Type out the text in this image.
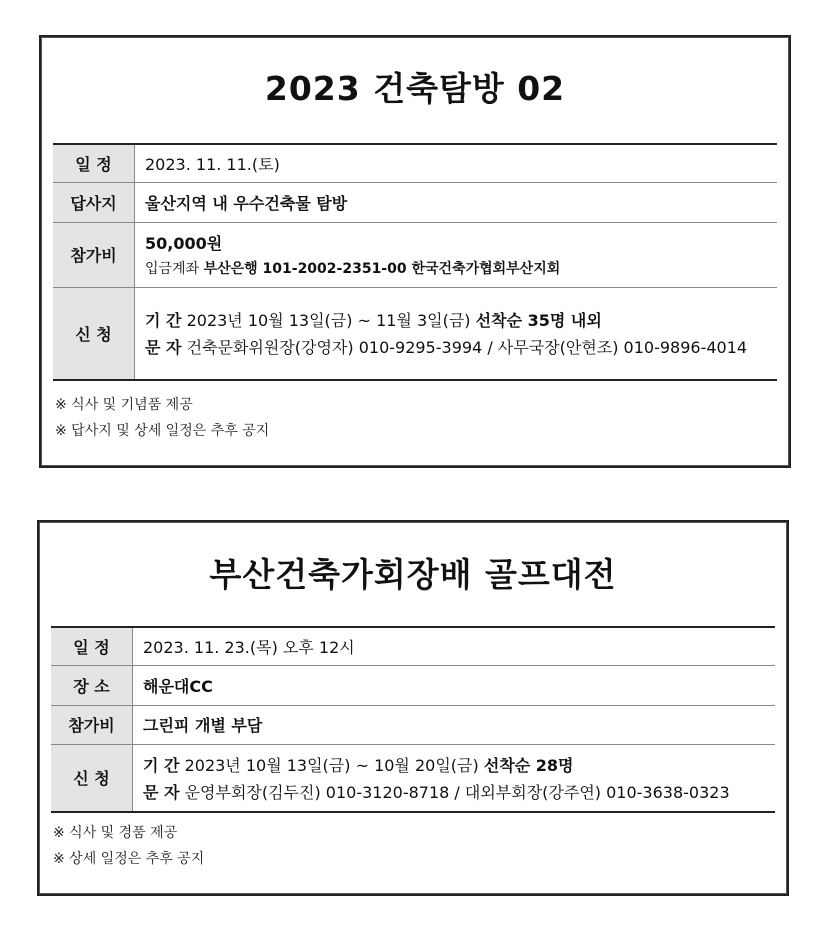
2023 건축탐방 02
일 정	2023. 11. 11.(토)
답사지	울산지역 내 우수건축물 탐방
참가비	50,000원
입금계좌 부산은행 101-2002-2351-00 한국건축가협회부산지회

신 청	기 간 2023년 10월 13일(금) ~ 11월 3일(금) 선착순 35명 내외
문 자 건축문화위원장(강영자) 010-9295-3994 / 사무국장(안현조) 010-9896-4014
※ 식사 및 기념품 제공
※ 답사지 및 상세 일정은 추후 공지
부산건축가회장배 골프대전
일 정	2023. 11. 23.(목) 오후 12시
장 소	해운대CC
참가비	그린피 개별 부담
신 청	기 간 2023년 10월 13일(금) ~ 10월 20일(금) 선착순 28명
문 자 운영부회장(김두진) 010-3120-8718 / 대외부회장(강주연) 010-3638-0323
※ 식사 및 경품 제공
※ 상세 일정은 추후 공지
